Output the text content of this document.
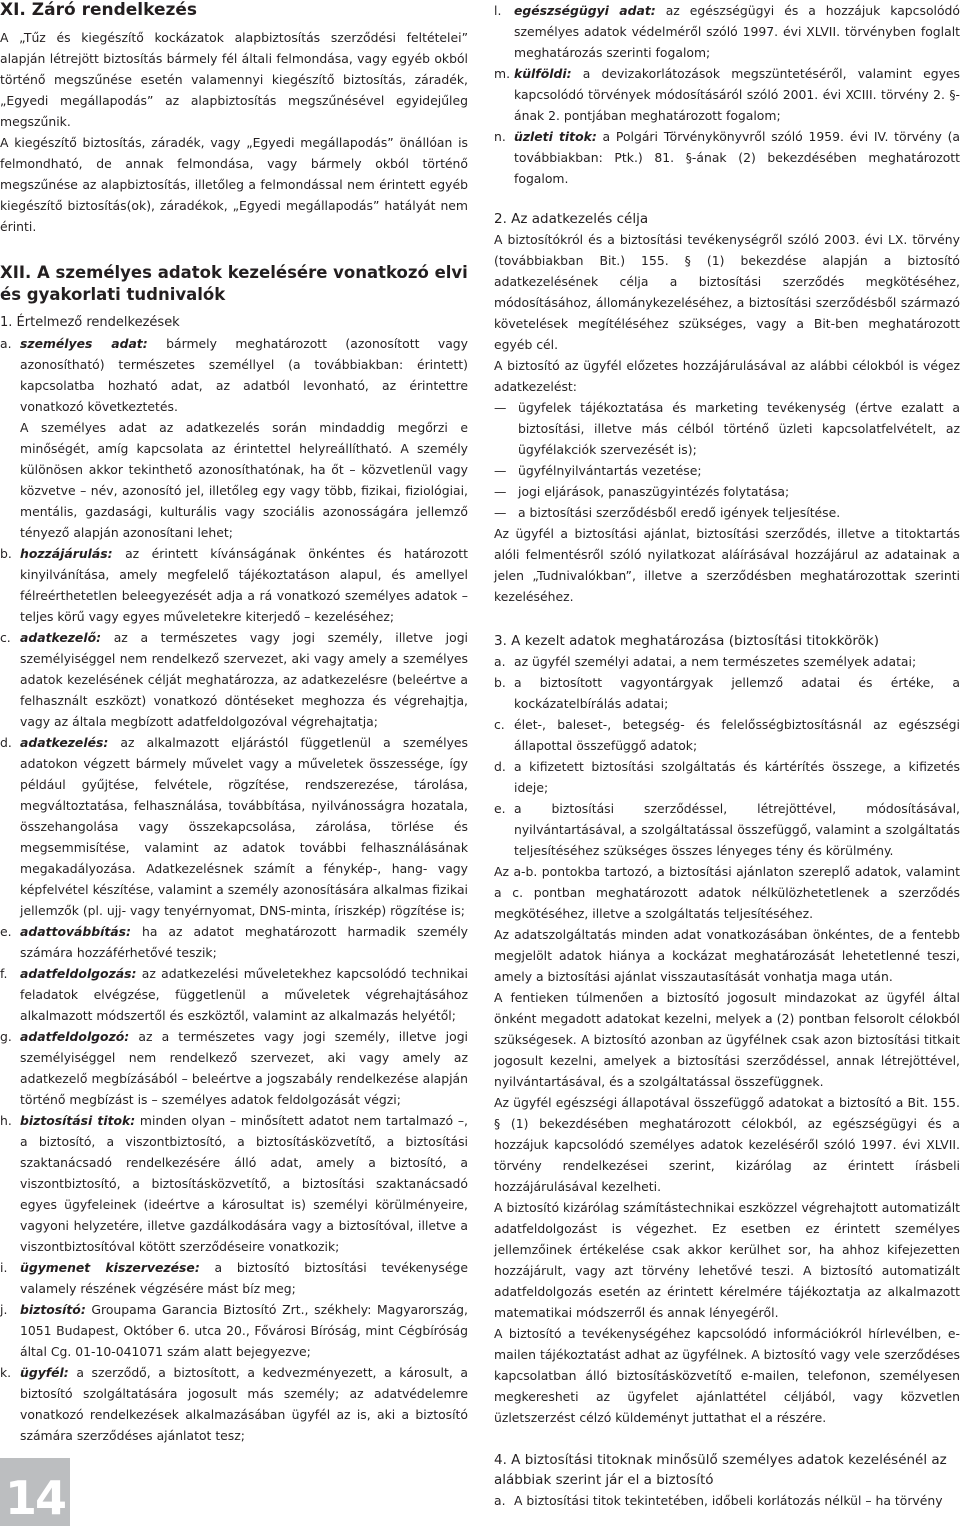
XI. Záró rendelkezés

A „Tűz és kiegészítő kockázatok alapbiztosítás szerződési feltételei” alapján létrejött biztosítás bármely fél általi felmondása, vagy egyéb okból történő megszűnése esetén valamennyi kiegészítő biztosítás, záradék, „Egyedi megállapodás” az alapbiztosítás megszűnésével egyidejűleg megszűnik.

A kiegészítő biztosítás, záradék, vagy „Egyedi megállapodás” önállóan is felmondható, de annak felmondása, vagy bármely okból történő megszűnése az alapbiztosítás, illetőleg a felmondással nem érintett egyéb kiegészítő biztosítás(ok), záradékok, „Egyedi megállapodás” hatályát nem érinti.

XII. A személyes adatok kezelésére vonatkozó elvi és gyakorlati tudnivalók
1. Értelmező rendelkezések
a. személyes adat: bármely meghatározott (azonosított vagy azonosítható) természetes személlyel (a továbbiakban: érintett) kapcsolatba hozható adat, az adatból levonható, az érintettre vonatkozó következtetés.

A személyes adat az adatkezelés során mindaddig megőrzi e minőségét, amíg kapcsolata az érintettel helyreállítható. A személy különösen akkor tekinthető azonosíthatónak, ha őt – közvetlenül vagy közvetve – név, azonosító jel, illetőleg egy vagy több, fizikai, fiziológiai, mentális, gazdasági, kulturális vagy szociális azonosságára jellemző tényező alapján azonosítani lehet;

b. hozzájárulás: az érintett kívánságának önkéntes és határozott kinyilvánítása, amely megfelelő tájékoztatáson alapul, és amellyel félreérthetetlen beleegyezését adja a rá vonatkozó személyes adatok – teljes körű vagy egyes műveletekre kiterjedő – kezeléséhez;
c. adatkezelő: az a természetes vagy jogi személy, illetve jogi személyiséggel nem rendelkező szervezet, aki vagy amely a személyes adatok kezelésének célját meghatározza, az adatkezelésre (beleértve a felhasznált eszközt) vonatkozó döntéseket meghozza és végrehajtja, vagy az általa megbízott adatfeldolgozóval végrehajtatja;
d. adatkezelés: az alkalmazott eljárástól függetlenül a személyes adatokon végzett bármely művelet vagy a műveletek összessége, így például gyűjtése, felvétele, rögzítése, rendszerezése, tárolása, megváltoztatása, felhasználása, továbbítása, nyilvánosságra hozatala, összehangolása vagy összekapcsolása, zárolása, törlése és megsemmisítése, valamint az adatok további felhasználásának megakadályozása. Adatkezelésnek számít a fénykép-, hang- vagy képfelvétel készítése, valamint a személy azonosítására alkalmas fizikai jellemzők (pl. ujj- vagy tenyérnyomat, DNS-minta, íriszkép) rögzítése is;
e. adattovábbítás: ha az adatot meghatározott harmadik személy számára hozzáférhetővé teszik;
f. adatfeldolgozás: az adatkezelési műveletekhez kapcsolódó technikai feladatok elvégzése, függetlenül a műveletek végrehajtásához alkalmazott módszertől és eszköztől, valamint az alkalmazás helyétől;
g. adatfeldolgozó: az a természetes vagy jogi személy, illetve jogi személyiséggel nem rendelkező szervezet, aki vagy amely az adatkezelő megbízásából – beleértve a jogszabály rendelkezése alapján történő megbízást is – személyes adatok feldolgozását végzi;
h. biztosítási titok: minden olyan – minősített adatot nem tartalmazó –, a biztosító, a viszontbiztosító, a biztosításközvetítő, a biztosítási szaktanácsadó rendelkezésére álló adat, amely a biztosító, a viszontbiztosító, a biztosításközvetítő, a biztosítási szaktanácsadó egyes ügyfeleinek (ideértve a károsultat is) személyi körülményeire, vagyoni helyzetére, illetve gazdálkodására vagy a biztosítóval, illetve a viszontbiztosítóval kötött szerződéseire vonatkozik;
i. ügymenet kiszervezése: a biztosító biztosítási tevékenysége valamely részének végzésére mást bíz meg;
j. biztosító: Groupama Garancia Biztosító Zrt., székhely: Magyarország, 1051 Budapest, Október 6. utca 20., Fővárosi Bíróság, mint Cégbíróság által Cg. 01-10-041071 szám alatt bejegyezve;
k. ügyfél: a szerződő, a biztosított, a kedvezményezett, a károsult, a biztosító szolgáltatására jogosult más személy; az adatvédelemre vonatkozó rendelkezések alkalmazásában ügyfél az is, aki a biztosító számára szerződéses ajánlatot tesz;
l. egészségügyi adat: az egészségügyi és a hozzájuk kapcsolódó személyes adatok védelméről szóló 1997. évi XLVII. törvényben foglalt meghatározás szerinti fogalom;
m. külföldi: a devizakorlátozások megszüntetéséről, valamint egyes kapcsolódó törvények módosításáról szóló 2001. évi XCIII. törvény 2. §-ának 2. pontjában meghatározott fogalom;
n. üzleti titok: a Polgári Törvénykönyvről szóló 1959. évi IV. törvény (a továbbiakban: Ptk.) 81. §-ának (2) bekezdésében meghatározott fogalom.
2. Az adatkezelés célja

A biztosítókról és a biztosítási tevékenységről szóló 2003. évi LX. törvény (továbbiakban Bit.) 155. § (1) bekezdése alapján a biztosító adatkezelésének célja a biztosítási szerződés megkötéséhez, módosításához, állománykezeléséhez, a biztosítási szerződésből származó követelések megítéléséhez szükséges, vagy a Bit-ben meghatározott egyéb cél.

A biztosító az ügyfél előzetes hozzájárulásával az alábbi célokból is végez adatkezelést:

— ügyfelek tájékoztatása és marketing tevékenység (értve ezalatt a biztosítási, illetve más célból történő üzleti kapcsolatfelvételt, az ügyfélakciók szervezését is);
— ügyfélnyilvántartás vezetése;
— jogi eljárások, panaszügyintézés folytatása;
— a biztosítási szerződésből eredő igények teljesítése.

Az ügyfél a biztosítási ajánlat, biztosítási szerződés, illetve a titoktartás alóli felmentésről szóló nyilatkozat aláírásával hozzájárul az adatainak a jelen „Tudnivalókban”, illetve a szerződésben meghatározottak szerinti kezeléséhez.

3. A kezelt adatok meghatározása (biztosítási titokkörök)
a. az ügyfél személyi adatai, a nem természetes személyek adatai;
b. a biztosított vagyontárgyak jellemző adatai és értéke, a kockázatelbírálás adatai;
c. élet-, baleset-, betegség- és felelősségbiztosításnál az egészségi állapottal összefüggő adatok;
d. a kifizetett biztosítási szolgáltatás és kártérítés összege, a kifizetés ideje;
e. a biztosítási szerződéssel, létrejöttével, módosításával, nyilvántartásával, a szolgáltatással összefüggő, valamint a szolgáltatás teljesítéséhez szükséges összes lényeges tény és körülmény.

Az a-b. pontokba tartozó, a biztosítási ajánlaton szereplő adatok, valamint a c. pontban meghatározott adatok nélkülözhetetlenek a szerződés megkötéséhez, illetve a szolgáltatás teljesítéséhez.

Az adatszolgáltatás minden adat vonatkozásában önkéntes, de a fentebb megjelölt adatok hiánya a kockázat meghatározását lehetetlenné teszi, amely a biztosítási ajánlat visszautasítását vonhatja maga után.

A fentieken túlmenően a biztosító jogosult mindazokat az ügyfél által önként megadott adatokat kezelni, melyek a (2) pontban felsorolt célokból szükségesek. A biztosító azonban az ügyfélnek csak azon biztosítási titkait jogosult kezelni, amelyek a biztosítási szerződéssel, annak létrejöttével, nyilvántartásával, és a szolgáltatással összefüggnek.

Az ügyfél egészségi állapotával összefüggő adatokat a biztosító a Bit. 155. § (1) bekezdésében meghatározott célokból, az egészségügyi és a hozzájuk kapcsolódó személyes adatok kezeléséről szóló 1997. évi XLVII. törvény rendelkezései szerint, kizárólag az érintett írásbeli hozzájárulásával kezelheti.

A biztosító kizárólag számítástechnikai eszközzel végrehajtott automatizált adatfeldolgozást is végezhet. Ez esetben ez érintett személyes jellemzőinek értékelése csak akkor kerülhet sor, ha ahhoz kifejezetten hozzájárult, vagy azt törvény lehetővé teszi. A biztosító automatizált adatfeldolgozás esetén az érintett kérelmére tájékoztatja az alkalmazott matematikai módszerről és annak lényegéről.

A biztosító a tevékenységéhez kapcsolódó információkról hírlevélben, e-mailen tájékoztatást adhat az ügyfélnek. A biztosító vagy vele szerződéses kapcsolatban álló biztosításközvetítő e-mailen, telefonon, személyesen megkeresheti az ügyfelet ajánlattétel céljából, vagy közvetlen üzletszerzést célzó küldeményt juttathat el a részére.

4. A biztosítási titoknak minősülő személyes adatok kezelésénél az alábbiak szerint jár el a biztosító
a. A biztosítási titok tekintetében, időbeli korlátozás nélkül – ha törvény
14
